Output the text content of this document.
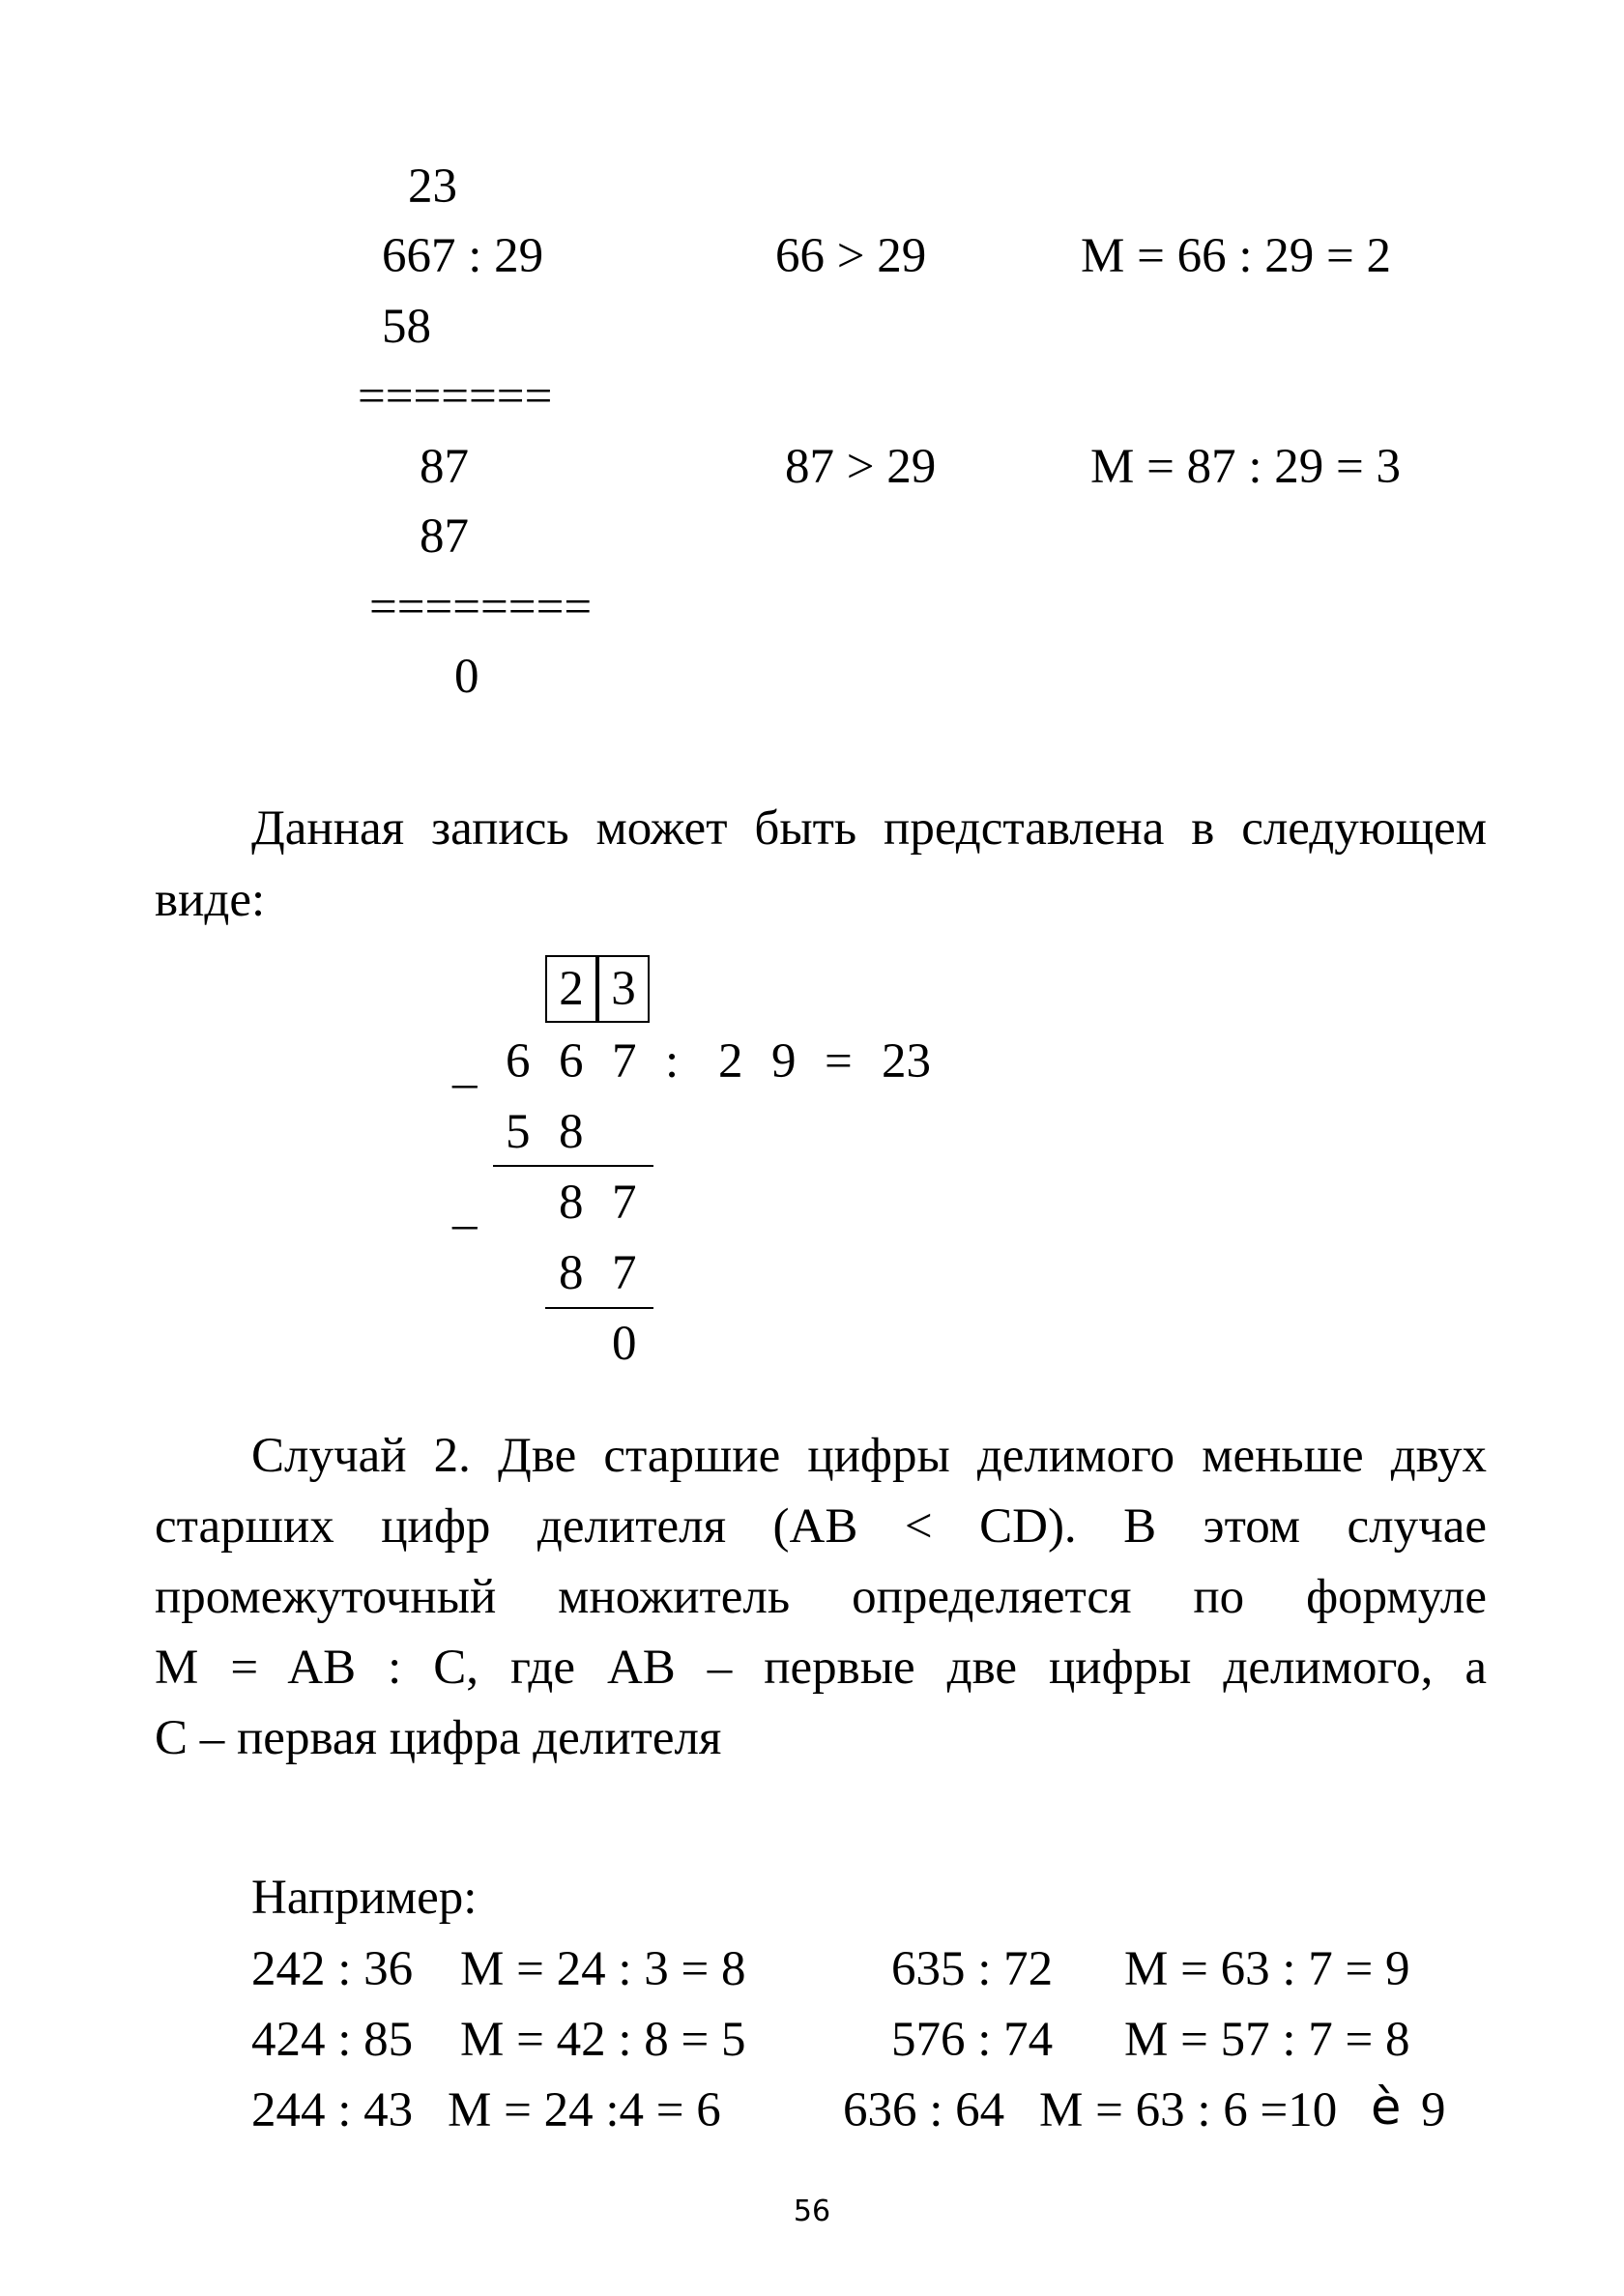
23
667 : 29	66 > 29	M = 66 : 29 = 2
58
=======
87	87 > 29	M = 87 : 29 = 3
87
========
0
Данная запись может быть представлена в следующем
виде:
2 3
_ 6 6 7 : 2 9 = 23
5 8
_ 8 7
8 7
0
Случай 2. Две старшие цифры делимого меньше двух
старших цифр делителя (AB < CD). В этом случае
промежуточный множитель определяется по формуле
M = AB : C, где AB – первые две цифры делимого, а
C – первая цифра делителя
Например:
242 : 36 M = 24 : 3 = 8	635 : 72 M = 63 : 7 = 9
424 : 85 M = 42 : 8 = 5	576 : 74 M = 57 : 7 = 8
244 : 43 M = 24 :4 = 6 636 : 64 M = 63 : 6 =10 è 9
56
